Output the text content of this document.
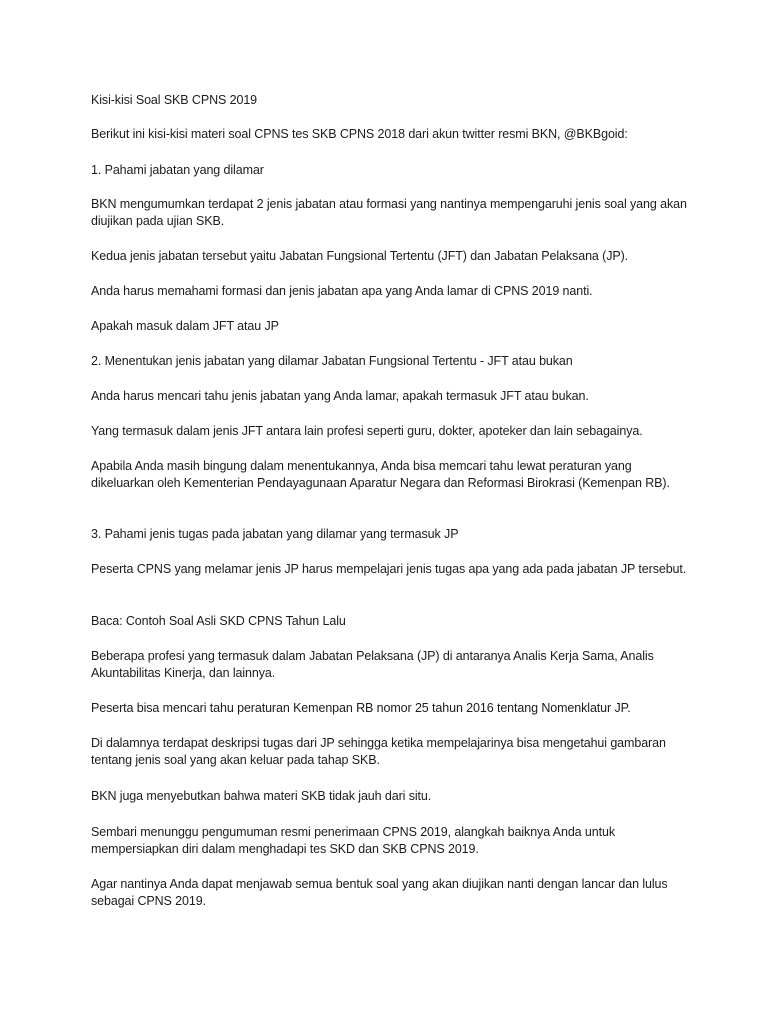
Kisi-kisi Soal SKB CPNS 2019

Berikut ini kisi-kisi materi soal CPNS tes SKB CPNS 2018 dari akun twitter resmi BKN, @BKBgoid:

1. Pahami jabatan yang dilamar

BKN mengumumkan terdapat 2 jenis jabatan atau formasi yang nantinya mempengaruhi jenis soal yang akan diujikan pada ujian SKB.

Kedua jenis jabatan tersebut yaitu Jabatan Fungsional Tertentu (JFT) dan Jabatan Pelaksana (JP).

Anda harus memahami formasi dan jenis jabatan apa yang Anda lamar di CPNS 2019 nanti.

Apakah masuk dalam JFT atau JP

2. Menentukan jenis jabatan yang dilamar Jabatan Fungsional Tertentu - JFT atau bukan

Anda harus mencari tahu jenis jabatan yang Anda lamar, apakah termasuk JFT atau bukan.

Yang termasuk dalam jenis JFT antara lain profesi seperti guru, dokter, apoteker dan lain sebagainya.

Apabila Anda masih bingung dalam menentukannya, Anda bisa memcari tahu lewat peraturan yang dikeluarkan oleh Kementerian Pendayagunaan Aparatur Negara dan Reformasi Birokrasi (Kemenpan RB).

3. Pahami jenis tugas pada jabatan yang dilamar yang termasuk JP

Peserta CPNS yang melamar jenis JP harus mempelajari jenis tugas apa yang ada pada jabatan JP tersebut.

Baca: Contoh Soal Asli SKD CPNS Tahun Lalu

Beberapa profesi yang termasuk dalam Jabatan Pelaksana (JP) di antaranya Analis Kerja Sama, Analis Akuntabilitas Kinerja, dan lainnya.

Peserta bisa mencari tahu peraturan Kemenpan RB nomor 25 tahun 2016 tentang Nomenklatur JP.

Di dalamnya terdapat deskripsi tugas dari JP sehingga ketika mempelajarinya bisa mengetahui gambaran tentang jenis soal yang akan keluar pada tahap SKB.

BKN juga menyebutkan bahwa materi SKB tidak jauh dari situ.

Sembari menunggu pengumuman resmi penerimaan CPNS 2019, alangkah baiknya Anda untuk mempersiapkan diri dalam menghadapi tes SKD dan SKB CPNS 2019.

Agar nantinya Anda dapat menjawab semua bentuk soal yang akan diujikan nanti dengan lancar dan lulus sebagai CPNS 2019.
